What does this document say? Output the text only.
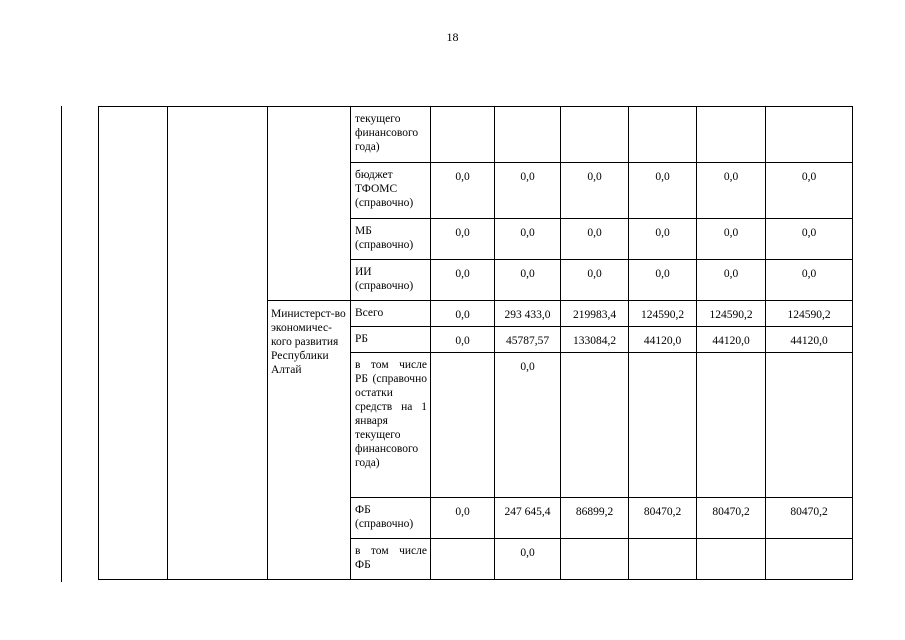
18
			текущего финансового года)						
			бюджет ТФОМС (справочно)	0,0	0,0	0,0	0,0	0,0	0,0
			МБ (справочно)	0,0	0,0	0,0	0,0	0,0	0,0
			ИИ (справочно)	0,0	0,0	0,0	0,0	0,0	0,0
		Министерст-во экономичес-кого развития Республики Алтай	Всего	0,0	293 433,0	219983,4	124590,2	124590,2	124590,2
			РБ	0,0	45787,57	133084,2	44120,0	44120,0	44120,0
			в том числе РБ (справочно остатки средств на 1 января текущего финансового года)		0,0				
			ФБ (справочно)	0,0	247 645,4	86899,2	80470,2	80470,2	80470,2
			в том числе ФБ		0,0				
